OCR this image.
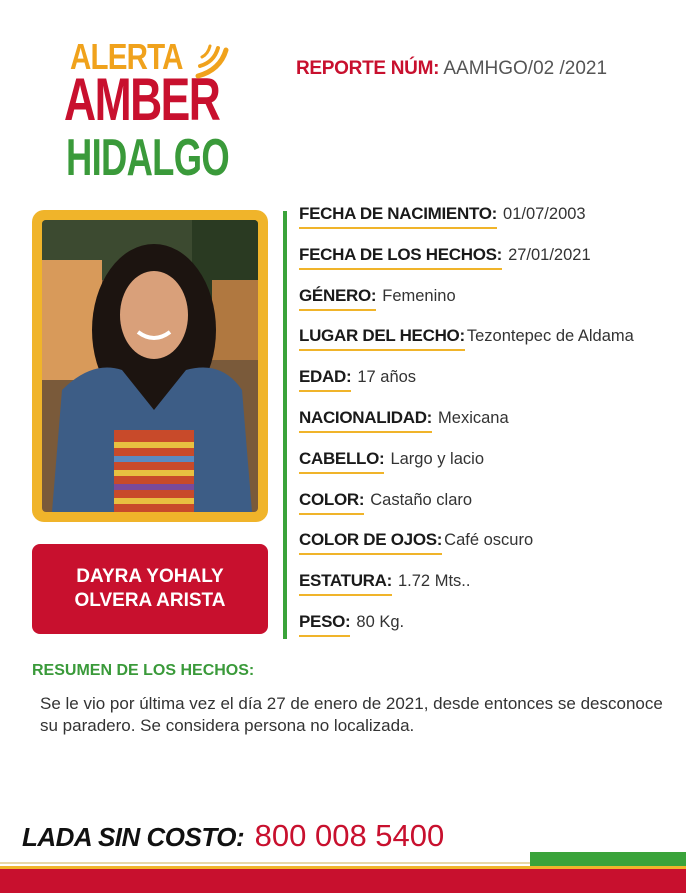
ALERTA
AMBER
HIDALGO
REPORTE NÚM: AAMHGO/02 /2021
DAYRA YOHALY
OLVERA ARISTA
FECHA DE NACIMIENTO: 01/07/2003
FECHA DE LOS HECHOS: 27/01/2021
GÉNERO: Femenino
LUGAR DEL HECHO: Tezontepec de Aldama
EDAD: 17 años
NACIONALIDAD: Mexicana
CABELLO: Largo y lacio
COLOR: Castaño claro
COLOR DE OJOS: Café oscuro
ESTATURA: 1.72 Mts..
PESO: 80 Kg.
RESUMEN DE LOS HECHOS:
Se le vio por última vez el día 27 de enero de 2021, desde entonces se desconoce su paradero. Se considera persona no localizada.
LADA SIN COSTO: 800 008 5400
